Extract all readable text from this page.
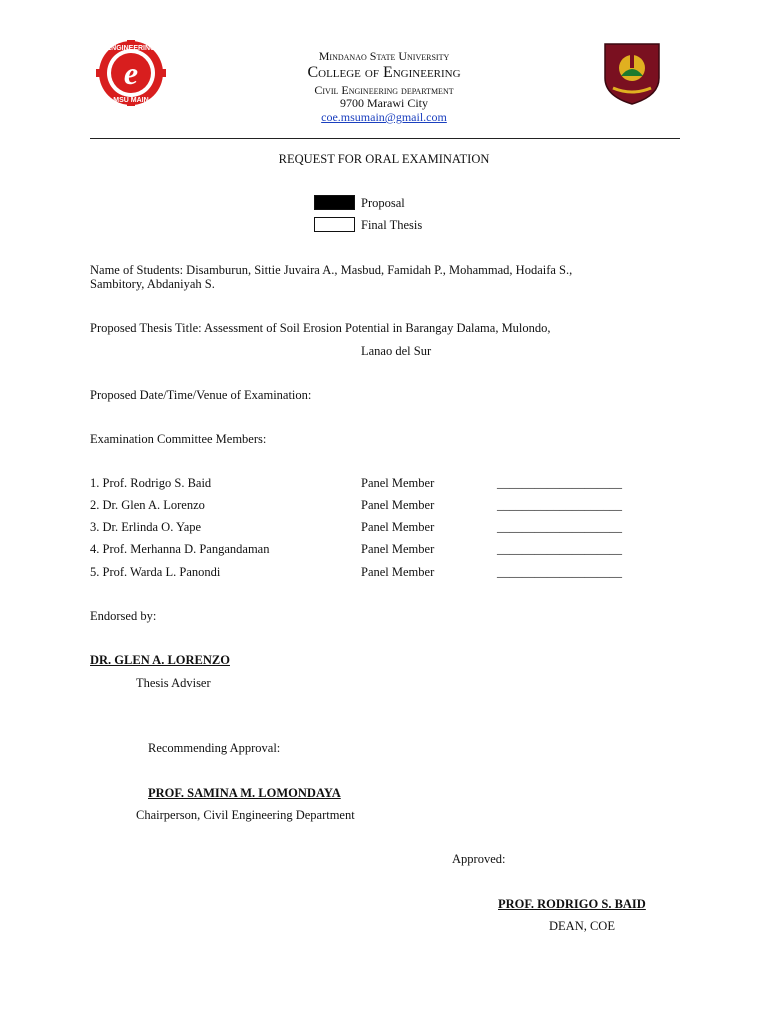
e
ENGINEERING
MSU MAIN
Mindanao State University
College of Engineering
Civil Engineering department
9700 Marawi City
coe.msumain@gmail.com
REQUEST FOR ORAL EXAMINATION
Proposal
Final Thesis
Name of Students: Disamburun, Sittie Juvaira A., Masbud, Famidah P., Mohammad, Hodaifa S.,
Sambitory, Abdaniyah S.
Proposed Thesis Title: Assessment of Soil Erosion Potential in Barangay Dalama, Mulondo,
Lanao del Sur
Proposed Date/Time/Venue of Examination:
Examination Committee Members:
1. Prof. Rodrigo S. Baid	Panel Member	____________________
2. Dr. Glen A. Lorenzo	Panel Member	____________________
3. Dr. Erlinda O. Yape	Panel Member	____________________
4. Prof. Merhanna D. Pangandaman	Panel Member	____________________
5. Prof. Warda L. Panondi	Panel Member	____________________
Endorsed by:
DR. GLEN A. LORENZO
Thesis Adviser
Recommending Approval:
PROF. SAMINA M. LOMONDAYA
Chairperson, Civil Engineering Department
Approved:
PROF. RODRIGO S. BAID
DEAN, COE
